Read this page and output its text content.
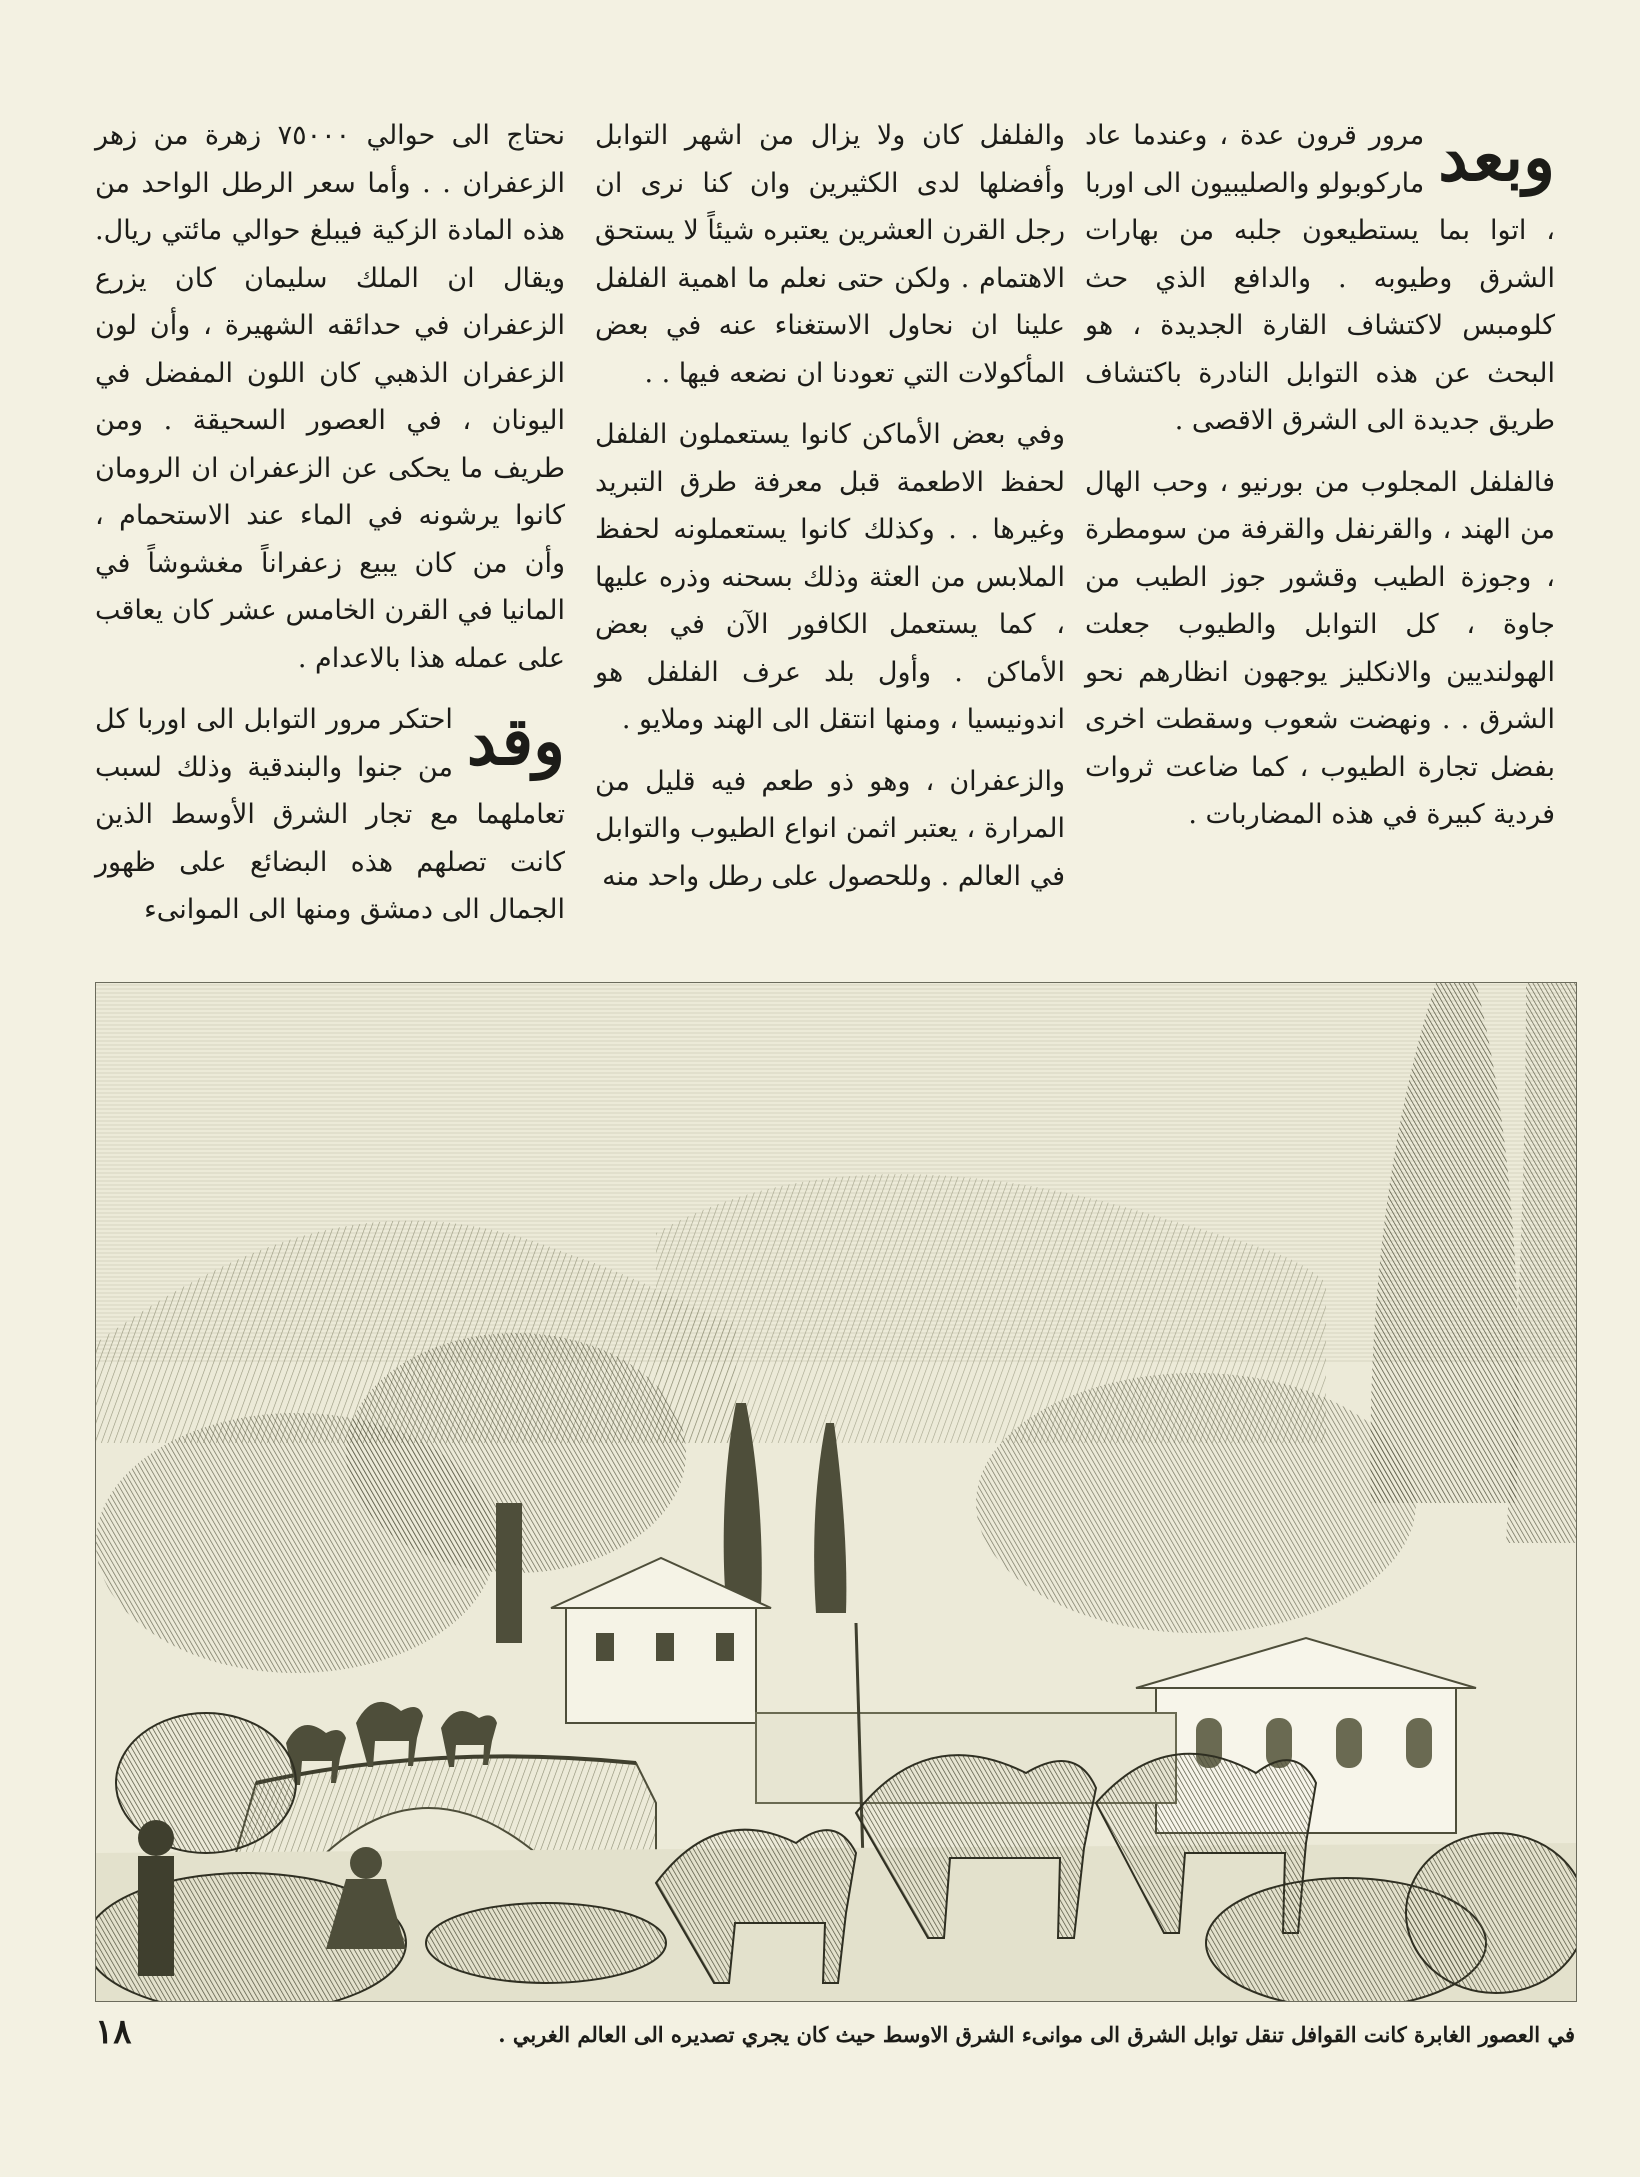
وبعد
مرور قرون عدة ، وعندما عاد ماركوبولو والصليبيون الى اوربا ، اتوا بما يستطيعون جلبه من بهارات الشرق وطيوبه . والدافع الذي حث كلومبس لاكتشاف القارة الجديدة ، هو البحث عن هذه التوابل النادرة باكتشاف طريق جديدة الى الشرق الاقصى .

فالفلفل المجلوب من بورنيو ، وحب الهال من الهند ، والقرنفل والقرفة من سومطرة ، وجوزة الطيب وقشور جوز الطيب من جاوة ، كل التوابل والطيوب جعلت الهولنديين والانكليز يوجهون انظارهم نحو الشرق . . ونهضت شعوب وسقطت اخرى بفضل تجارة الطيوب ، كما ضاعت ثروات فردية كبيرة في هذه المضاربات .

والفلفل كان ولا يزال من اشهر التوابل وأفضلها لدى الكثيرين وان كنا نرى ان رجل القرن العشرين يعتبره شيئاً لا يستحق الاهتمام . ولكن حتى نعلم ما اهمية الفلفل علينا ان نحاول الاستغناء عنه في بعض المأكولات التي تعودنا ان نضعه فيها . .

وفي بعض الأماكن كانوا يستعملون الفلفل لحفظ الاطعمة قبل معرفة طرق التبريد وغيرها . . وكذلك كانوا يستعملونه لحفظ الملابس من العثة وذلك بسحنه وذره عليها ، كما يستعمل الكافور الآن في بعض الأماكن . وأول بلد عرف الفلفل هو اندونيسيا ، ومنها انتقل الى الهند وملايو .

والزعفران ، وهو ذو طعم فيه قليل من المرارة ، يعتبر اثمن انواع الطيوب والتوابل في العالم . وللحصول على رطل واحد منه

نحتاج الى حوالي ٧٥٠٠٠ زهرة من زهر الزعفران . . وأما سعر الرطل الواحد من هذه المادة الزكية فيبلغ حوالي مائتي ريال. ويقال ان الملك سليمان كان يزرع الزعفران في حدائقه الشهيرة ، وأن لون الزعفران الذهبي كان اللون المفضل في اليونان ، في العصور السحيقة . ومن طريف ما يحكى عن الزعفران ان الرومان كانوا يرشونه في الماء عند الاستحمام ، وأن من كان يبيع زعفراناً مغشوشاً في المانيا في القرن الخامس عشر كان يعاقب على عمله هذا بالاعدام .

وقد
احتكر مرور التوابل الى اوربا كل من جنوا والبندقية وذلك لسبب تعاملهما مع تجار الشرق الأوسط الذين كانت تصلهم هذه البضائع على ظهور الجمال الى دمشق ومنها الى الموانىء

في العصور الغابرة كانت القوافل تنقل توابل الشرق الى موانىء الشرق الاوسط حيث كان يجري تصديره الى العالم الغربي .
١٨
